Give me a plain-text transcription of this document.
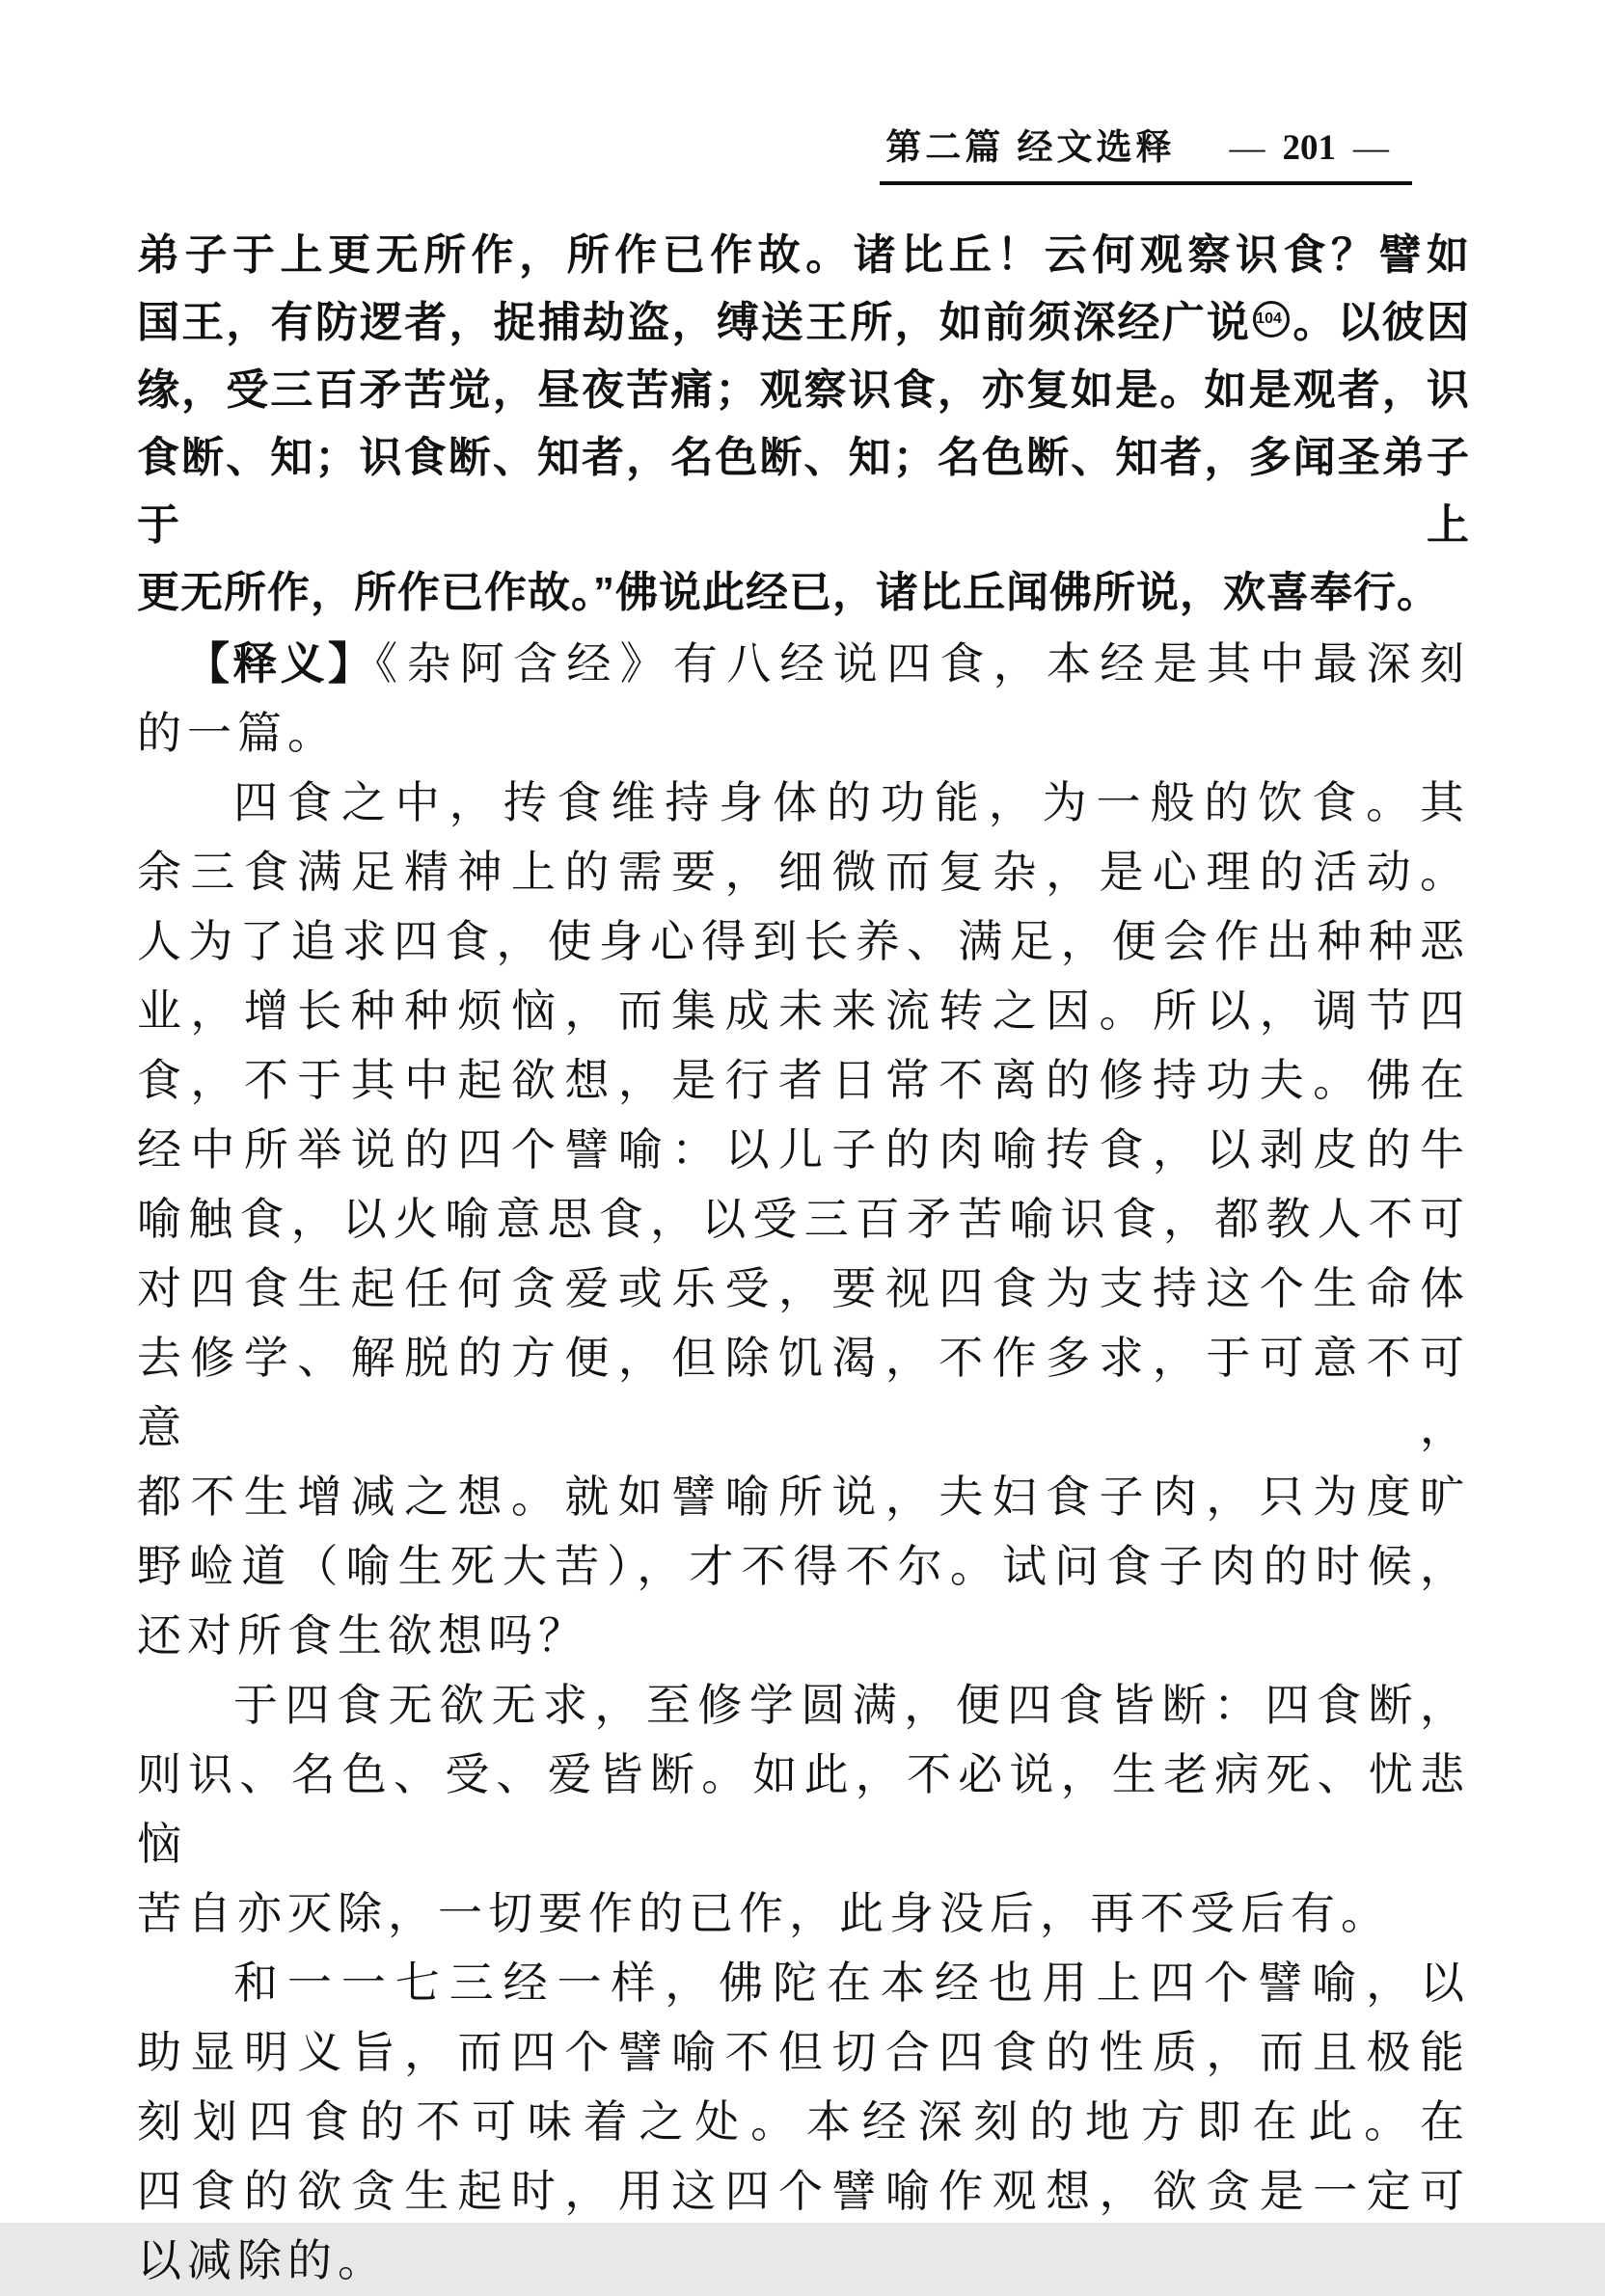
第二篇 经文选释 — 201 —
弟子于上更无所作，所作已作故。诸比丘！云何观察识食？譬如
国王，有防逻者，捉捕劫盗，缚送王所，如前须深经广说 104 。以彼因
缘，受三百矛苦觉，昼夜苦痛；观察识食，亦复如是。如是观者，识
食断、知；识食断、知者，名色断、知；名色断、知者，多闻圣弟子于上
更无所作，所作已作故。”佛说此经已，诸比丘闻佛所说，欢喜奉行。
【释义】《杂阿含经》有八经说四食，本经是其中最深刻
的一篇。
四食之中，抟食维持身体的功能，为一般的饮食。其
余三食满足精神上的需要，细微而复杂，是心理的活动。
人为了追求四食，使身心得到长养、满足，便会作出种种恶
业，增长种种烦恼，而集成未来流转之因。所以，调节四
食，不于其中起欲想，是行者日常不离的修持功夫。佛在
经中所举说的四个譬喻：以儿子的肉喻抟食，以剥皮的牛
喻触食，以火喻意思食，以受三百矛苦喻识食，都教人不可
对四食生起任何贪爱或乐受，要视四食为支持这个生命体
去修学、解脱的方便，但除饥渴，不作多求，于可意不可意，
都不生增减之想。就如譬喻所说，夫妇食子肉，只为度旷
野崄道（喻生死大苦），才不得不尔。试问食子肉的时候，
还对所食生欲想吗？
于四食无欲无求，至修学圆满，便四食皆断：四食断，
则识、名色、受、爱皆断。如此，不必说，生老病死、忧悲恼
苦自亦灭除，一切要作的已作，此身没后，再不受后有。
和一一七三经一样，佛陀在本经也用上四个譬喻，以
助显明义旨，而四个譬喻不但切合四食的性质，而且极能
刻划四食的不可味着之处。本经深刻的地方即在此。在
四食的欲贪生起时，用这四个譬喻作观想，欲贪是一定可
以减除的。
